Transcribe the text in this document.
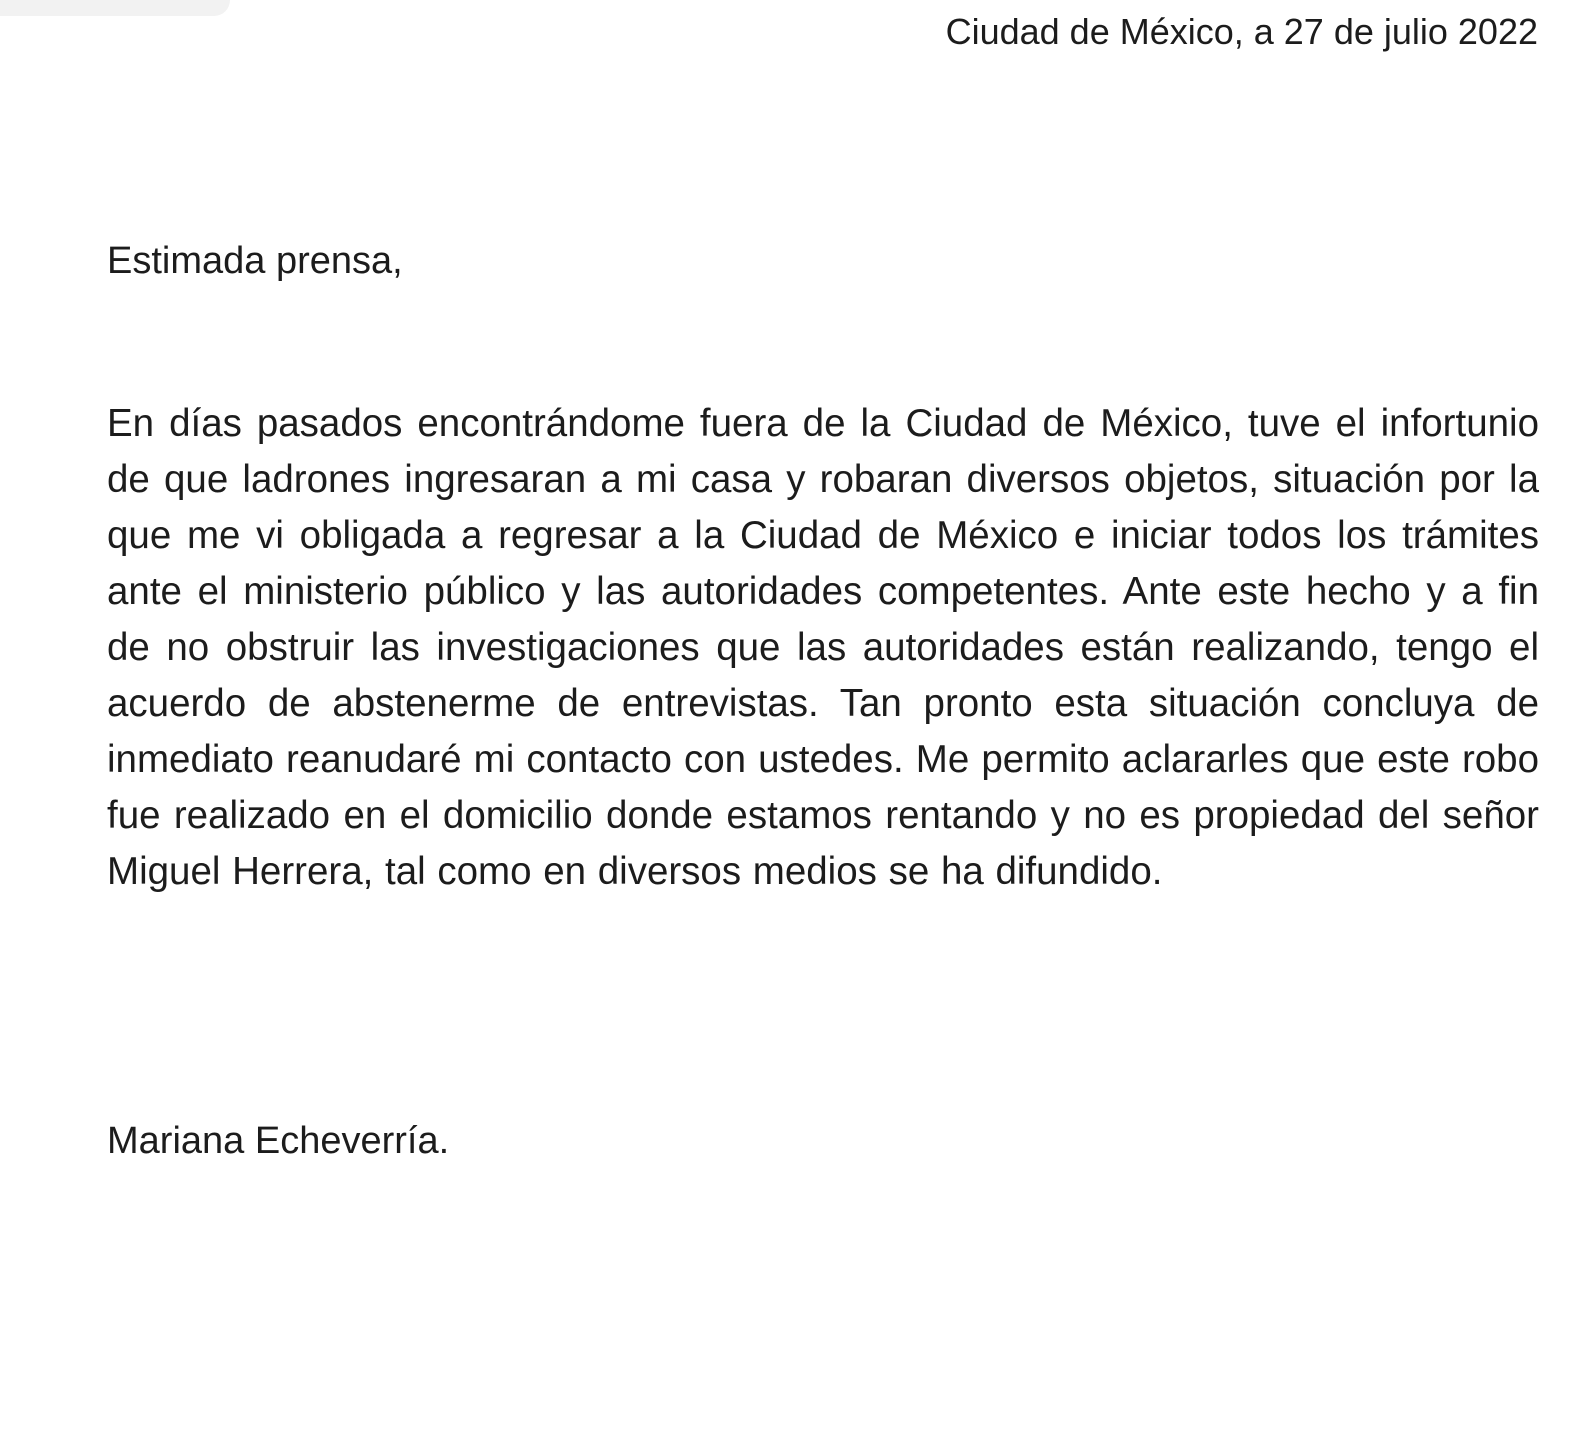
Ciudad de México, a 27 de julio 2022
Estimada prensa,
En días pasados encontrándome fuera de la Ciudad de México, tuve el infortunio de que ladrones ingresaran a mi casa y robaran diversos objetos, situación por la que me vi obligada a regresar a la Ciudad de México e iniciar todos los trámites ante el ministerio público y las autoridades competentes. Ante este hecho y a fin de no obstruir las investigaciones que las autoridades están realizando, tengo el acuerdo de abstenerme de entrevistas. Tan pronto esta situación concluya de inmediato reanudaré mi contacto con ustedes. Me permito aclararles que este robo fue realizado en el domicilio donde estamos rentando y no es propiedad del señor Miguel Herrera, tal como en diversos medios se ha difundido.
Mariana Echeverría.
